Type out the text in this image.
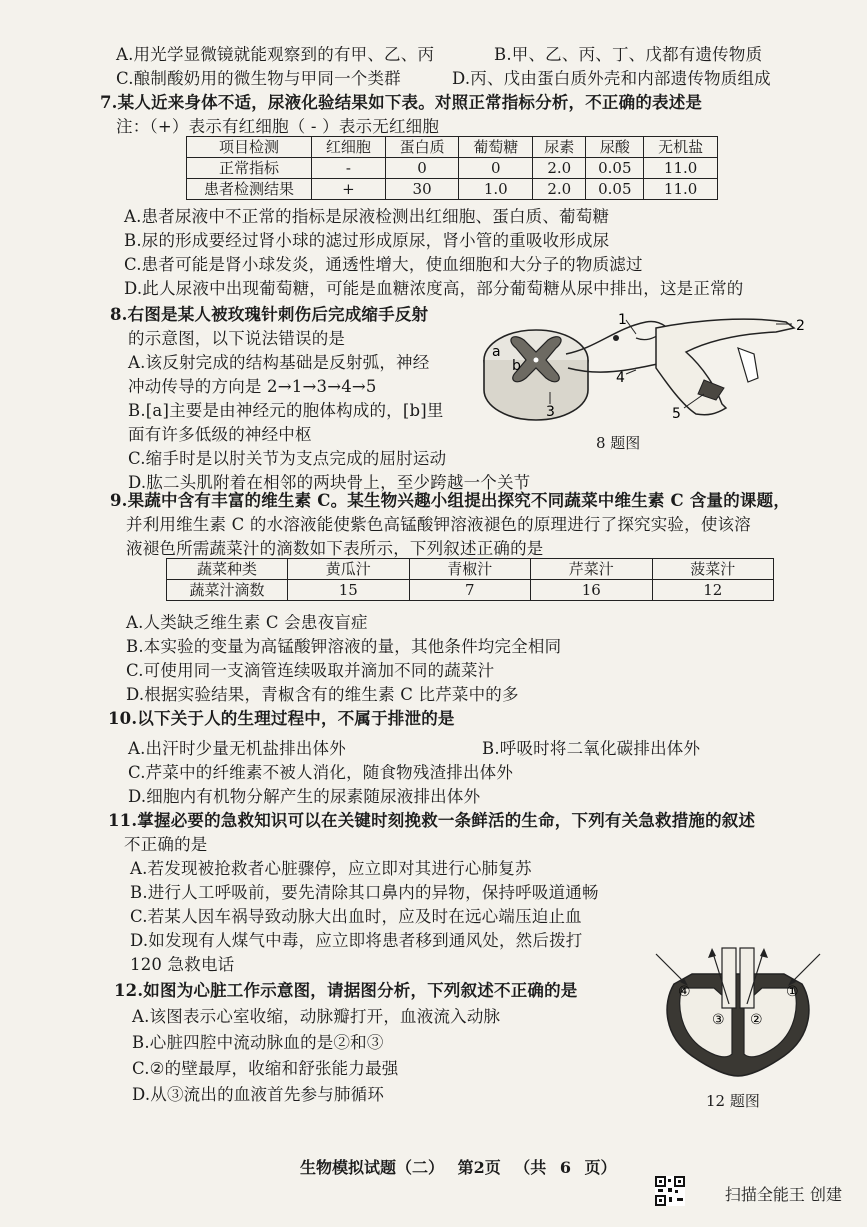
A.用光学显微镜就能观察到的有甲、乙、丙	B.甲、乙、丙、丁、戊都有遗传物质
C.酿制酸奶用的微生物与甲同一个类群	D.丙、戊由蛋白质外壳和内部遗传物质组成
7.某人近来身体不适，尿液化验结果如下表。对照正常指标分析，不正确的表述是
注：（+）表示有红细胞（ - ）表示无红细胞
项目检测	红细胞	蛋白质	葡萄糖	尿素	尿酸	无机盐
正常指标	-	0	0	2.0	0.05	11.0
患者检测结果	+	30	1.0	2.0	0.05	11.0
A.患者尿液中不正常的指标是尿液检测出红细胞、蛋白质、葡萄糖
B.尿的形成要经过肾小球的滤过形成原尿，肾小管的重吸收形成尿
C.患者可能是肾小球发炎，通透性增大，使血细胞和大分子的物质滤过
D.此人尿液中出现葡萄糖，可能是血糖浓度高，部分葡萄糖从尿中排出，这是正常的
8.右图是某人被玫瑰针刺伤后完成缩手反射
的示意图，以下说法错误的是
A.该反射完成的结构基础是反射弧，神经
冲动传导的方向是 2→1→3→4→5
B.[a]主要是由神经元的胞体构成的，[b]里
面有许多低级的神经中枢
C.缩手时是以肘关节为支点完成的屈肘运动
D.肱二头肌附着在相邻的两块骨上，至少跨越一个关节
1	2
3
4
5
a
b
8 题图
9.果蔬中含有丰富的维生素 C。某生物兴趣小组提出探究不同蔬菜中维生素 C 含量的课题，
并利用维生素 C 的水溶液能使紫色高锰酸钾溶液褪色的原理进行了探究实验，使该溶
液褪色所需蔬菜汁的滴数如下表所示，下列叙述正确的是
蔬菜种类	黄瓜汁	青椒汁	芹菜汁	菠菜汁
蔬菜汁滴数	15	7	16	12
A.人类缺乏维生素 C 会患夜盲症
B.本实验的变量为高锰酸钾溶液的量，其他条件均完全相同
C.可使用同一支滴管连续吸取并滴加不同的蔬菜汁
D.根据实验结果，青椒含有的维生素 C 比芹菜中的多
10.以下关于人的生理过程中，不属于排泄的是
A.出汗时少量无机盐排出体外	B.呼吸时将二氧化碳排出体外
C.芹菜中的纤维素不被人消化，随食物残渣排出体外
D.细胞内有机物分解产生的尿素随尿液排出体外
11.掌握必要的急救知识可以在关键时刻挽救一条鲜活的生命，下列有关急救措施的叙述
不正确的是
A.若发现被抢救者心脏骤停，应立即对其进行心肺复苏
B.进行人工呼吸前，要先清除其口鼻内的异物，保持呼吸道通畅
C.若某人因车祸导致动脉大出血时，应及时在远心端压迫止血
D.如发现有人煤气中毒，应立即将患者移到通风处，然后拨打
120 急救电话
12.如图为心脏工作示意图，请据图分析，下列叙述不正确的是
A.该图表示心室收缩，动脉瓣打开，血液流入动脉
B.心脏四腔中流动脉血的是②和③
C.②的壁最厚，收缩和舒张能力最强
D.从③流出的血液首先参与肺循环
④	①
③ ②
12 题图
生物模拟试题（二） 第2页 （共 6 页）
扫描全能王 创建
